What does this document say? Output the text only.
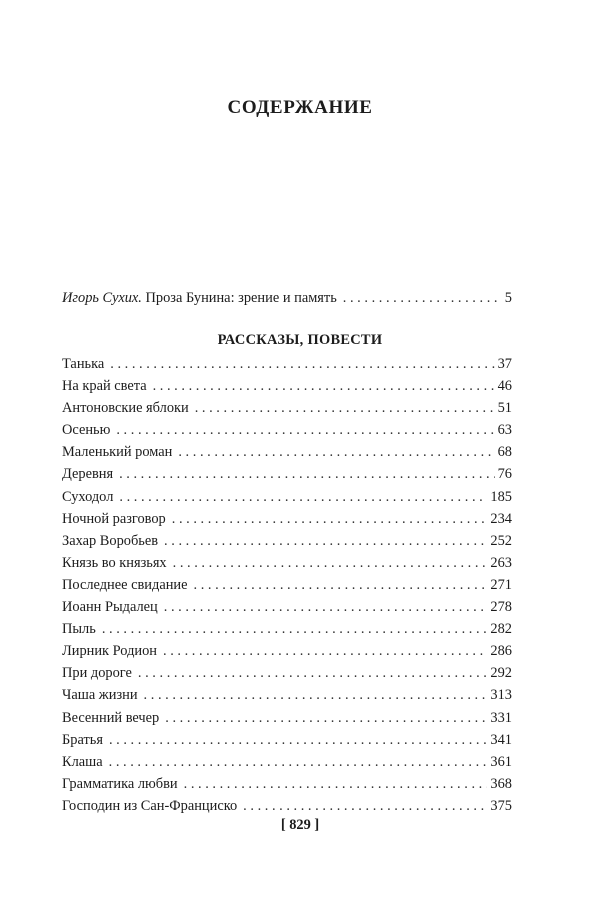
СОДЕРЖАНИЕ
Игорь Сухих. Проза Бунина: зрение и память . . .	5
РАССКАЗЫ, ПОВЕСТИ
Танька . . .	37
На край света . . .	46
Антоновские яблоки . . .	51
Осенью . . .	63
Маленький роман . . .	68
Деревня . . .	76
Суходол . . .	185
Ночной разговор . . .	234
Захар Воробьев . . .	252
Князь во князьях . . .	263
Последнее свидание . . .	271
Иоанн Рыдалец . . .	278
Пыль . . .	282
Лирник Родион . . .	286
При дороге . . .	292
Чаша жизни . . .	313
Весенний вечер . . .	331
Братья . . .	341
Клаша . . .	361
Грамматика любви . . .	368
Господин из Сан-Франциско . . .	375
[ 829 ]
